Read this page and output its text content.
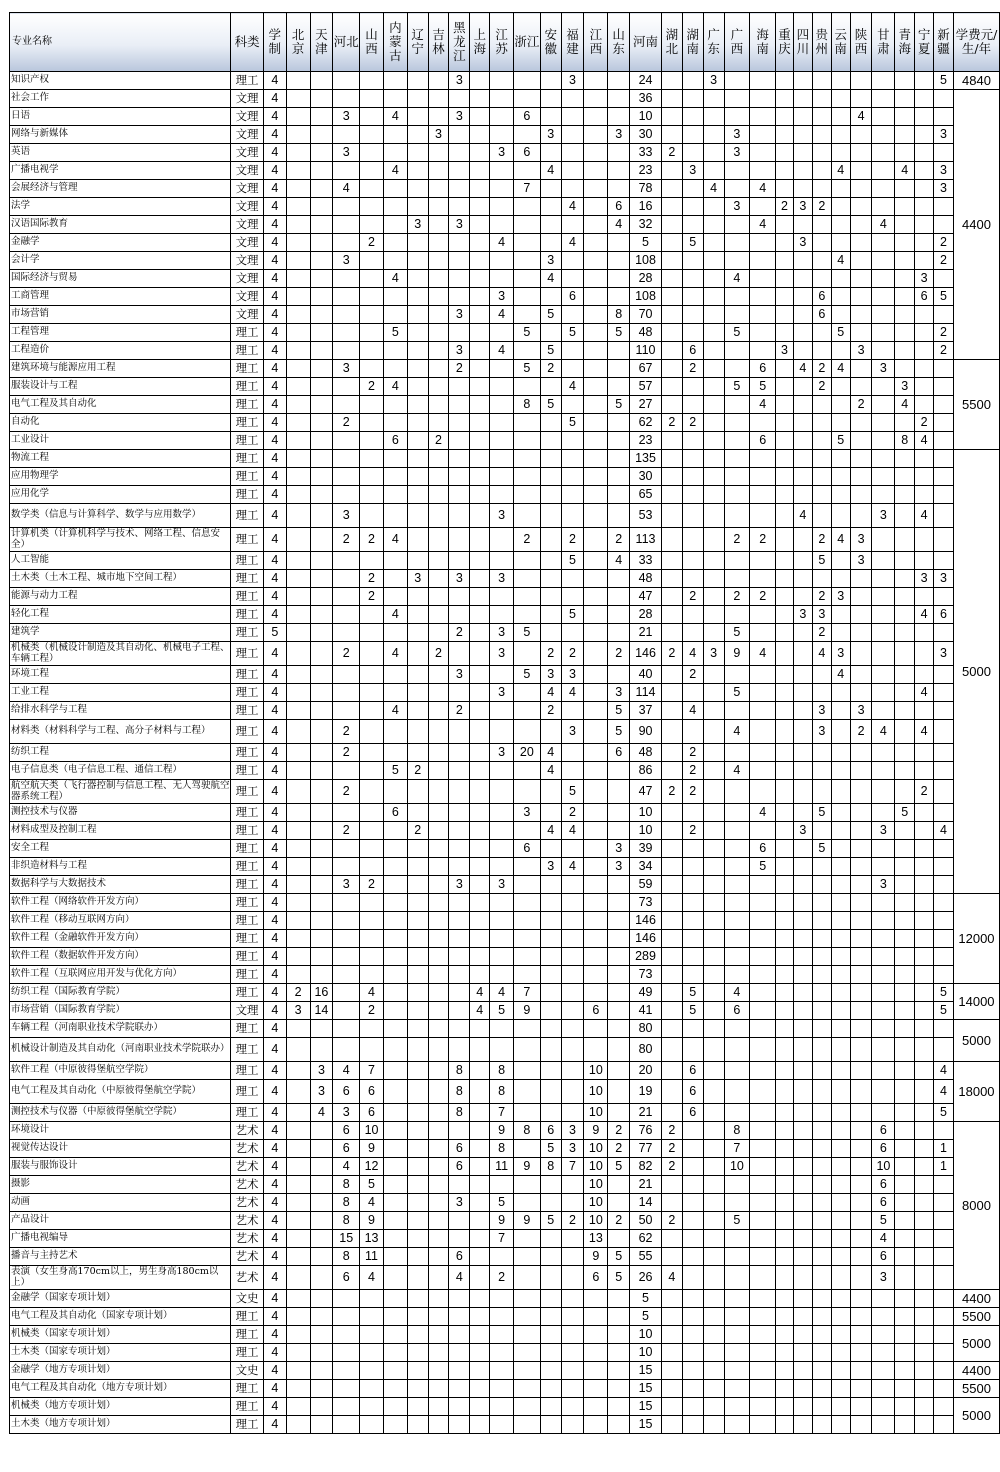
专业名称	科类	学制	北京	天津	河北	山西	内蒙古	辽宁	吉林	黑龙江	上海	江苏	浙江	安徽	福建	江西	山东	河南	湖北	湖南	广东	广西	海南	重庆	四川	贵州	云南	陕西	甘肃	青海	宁夏	新疆	学费元/生/年
知识产权	理工	4								3					3			24			3											5	4840
社会工作	文理	4																36															4400
日语	文理	4			3		4			3			6					10										4					
网络与新媒体	文理	4							3					3			3	30				3										3	
英语	文理	4			3							3	6					33	2			3											
广播电视学	文理	4					4							4				23		3							4			4		3	
会展经济与管理	文理	4			4								7					78			4		4									3	
法学	文理	4													4		6	16				3		2	3	2							
汉语国际教育	文理	4						3		3							4	32					4						4				
金融学	文理	4				2						4			4			5		5					3							2	
会计学	文理	4			3									3				108									4					2	
国际经济与贸易	文理	4					4							4				28				4									3		
工商管理	文理	4										3			6			108								6					6	5	
市场营销	文理	4								3		4		5			8	70								6							
工程管理	理工	4					5						5		5		5	48				5					5					2	
工程造价	理工	4								3		4		5				110		6				3				3				2	
建筑环境与能源应用工程	理工	4			3					2			5	2				67		2			6		4	2	4		3				5500
服装设计与工程	理工	4				2	4								4			57				5	5			2				3			
电气工程及其自动化	理工	4											8	5			5	27					4					2		4			
自动化	理工	4			2										5			62	2	2											2		
工业设计	理工	4					6		2									23					6				5			8	4		
物流工程	理工	4																135															5000
应用物理学	理工	4																30															
应用化学	理工	4																65															
数学类（信息与计算科学、数学与应用数学）	理工	4			3							3						53							4				3		4		
计算机类（计算机科学与技术、网络工程、信息安全）	理工	4			2	2	4						2		2		2	113				2	2			2	4	3					
人工智能	理工	4													5		4	33								5		3					
土木类（土木工程、城市地下空间工程）	理工	4				2		3		3		3						48													3	3	
能源与动力工程	理工	4				2												47		2		2	2			2	3						
轻化工程	理工	4					4								5			28							3	3					4	6	
建筑学	理工	5								2		3	5					21				5				2							
机械类（机械设计制造及其自动化、机械电子工程、车辆工程）	理工	4			2		4		2			3		2	2		2	146	2	4	3	9	4			4	3					3	
环境工程	理工	4								3			5	3	3			40		2							4						
工业工程	理工	4										3		4	4		3	114				5									4		
给排水科学与工程	理工	4					4			2				2			5	37		4						3		3					
材料类（材料科学与工程、高分子材料与工程）	理工	4			2										3		5	90				4				3		2	4		4		
纺织工程	理工	4			2							3	20	4			6	48		2													
电子信息类（电子信息工程、通信工程）	理工	4					5	2						4				86		2		4											
航空航天类（飞行器控制与信息工程、无人驾驶航空器系统工程）	理工	4			2										5			47	2	2											2		
测控技术与仪器	理工	4					6						3		2			10					4			5				5			
材料成型及控制工程	理工	4			2			2						4	4			10		2					3				3			4	
安全工程	理工	4											6				3	39					6			5							
非织造材料与工程	理工	4												3	4		3	34					5										
数据科学与大数据技术	理工	4			3	2				3		3						59											3				
软件工程（网络软件开发方向）	理工	4																73															12000
软件工程（移动互联网方向）	理工	4																146															
软件工程（金融软件开发方向）	理工	4																146															
软件工程（数据软件开发方向）	理工	4																289															
软件工程（互联网应用开发与优化方向）	理工	4																73															
纺织工程（国际教育学院）	理工	4	2	16		4					4	4	7					49		5		4										5	14000
市场营销（国际教育学院）	文理	4	3	14		2					4	5	9			6		41		5		6										5	
车辆工程（河南职业技术学院联办）	理工	4																80															5000
机械设计制造及其自动化（河南职业技术学院联办）	理工	4																80															
软件工程（中原彼得堡航空学院）	理工	4		3	4	7				8		8				10		20		6												4	18000
电气工程及其自动化（中原彼得堡航空学院）	理工	4		3	6	6				8		8				10		19		6												4	
测控技术与仪器（中原彼得堡航空学院）	理工	4		4	3	6				8		7				10		21		6												5	
环境设计	艺术	4			6	10						9	8	6	3	9	2	76	2			8							6				8000
视觉传达设计	艺术	4			6	9				6		8		5	3	10	2	77	2			7							6			1	
服装与服饰设计	艺术	4			4	12				6		11	9	8	7	10	5	82	2			10							10			1	
摄影	艺术	4			8	5										10		21											6				
动画	艺术	4			8	4				3		5				10		14											6				
产品设计	艺术	4			8	9						9	9	5	2	10	2	50	2			5							5				
广播电视编导	艺术	4			15	13						7				13		62											4				
播音与主持艺术	艺术	4			8	11				6						9	5	55											6				
表演（女生身高170cm以上，男生身高180cm以上）	艺术	4			6	4				4		2				6	5	26	4										3				
金融学（国家专项计划）	文史	4																5															4400
电气工程及其自动化（国家专项计划）	理工	4																5															5500
机械类（国家专项计划）	理工	4																10															5000
土木类（国家专项计划）	理工	4																10															
金融学（地方专项计划）	文史	4																15															4400
电气工程及其自动化（地方专项计划）	理工	4																15															5500
机械类（地方专项计划）	理工	4																15															5000
土木类（地方专项计划）	理工	4																15															
